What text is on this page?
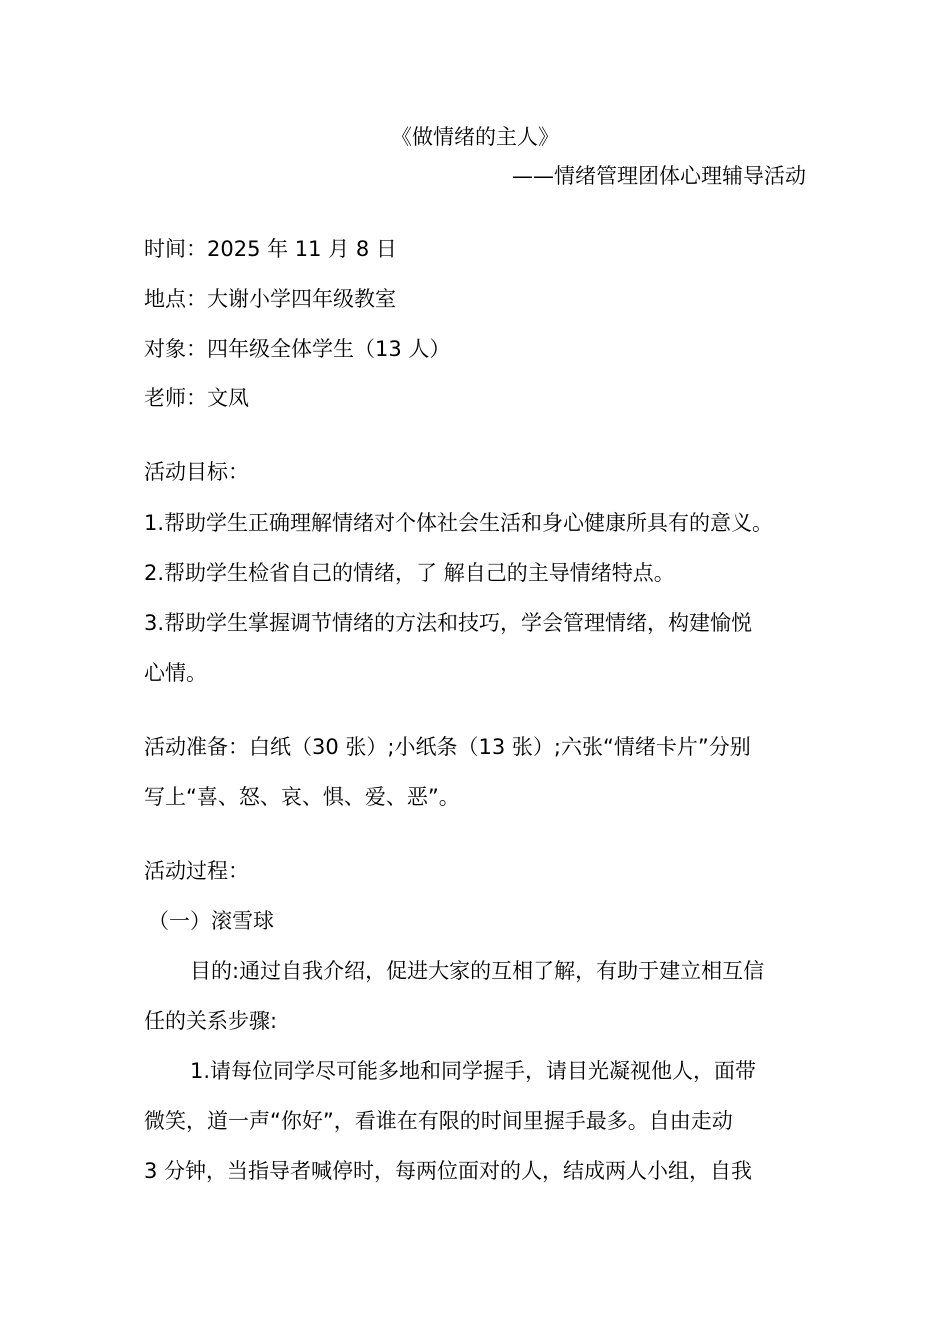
《做情绪的主人》
——情绪管理团体心理辅导活动
时间：2025 年 11 月 8 日
地点：大谢小学四年级教室
对象：四年级全体学生（13 人）
老师：文凤
活动目标：
1.帮助学生正确理解情绪对个体社会生活和身心健康所具有的意义。
2.帮助学生检省自己的情绪，了 解自己的主导情绪特点。
3.帮助学生掌握调节情绪的方法和技巧，学会管理情绪，构建愉悦
心情。
活动准备：白纸（30 张）;小纸条（13 张）;六张“情绪卡片”分别
写上“喜、怒、哀、惧、爱、恶”。
活动过程：
（一）滚雪球
目的:通过自我介绍，促进大家的互相了解，有助于建立相互信
任的关系步骤:
1.请每位同学尽可能多地和同学握手，请目光凝视他人，面带
微笑，道一声“你好”，看谁在有限的时间里握手最多。自由走动
3 分钟，当指导者喊停时，每两位面对的人，结成两人小组，自我
